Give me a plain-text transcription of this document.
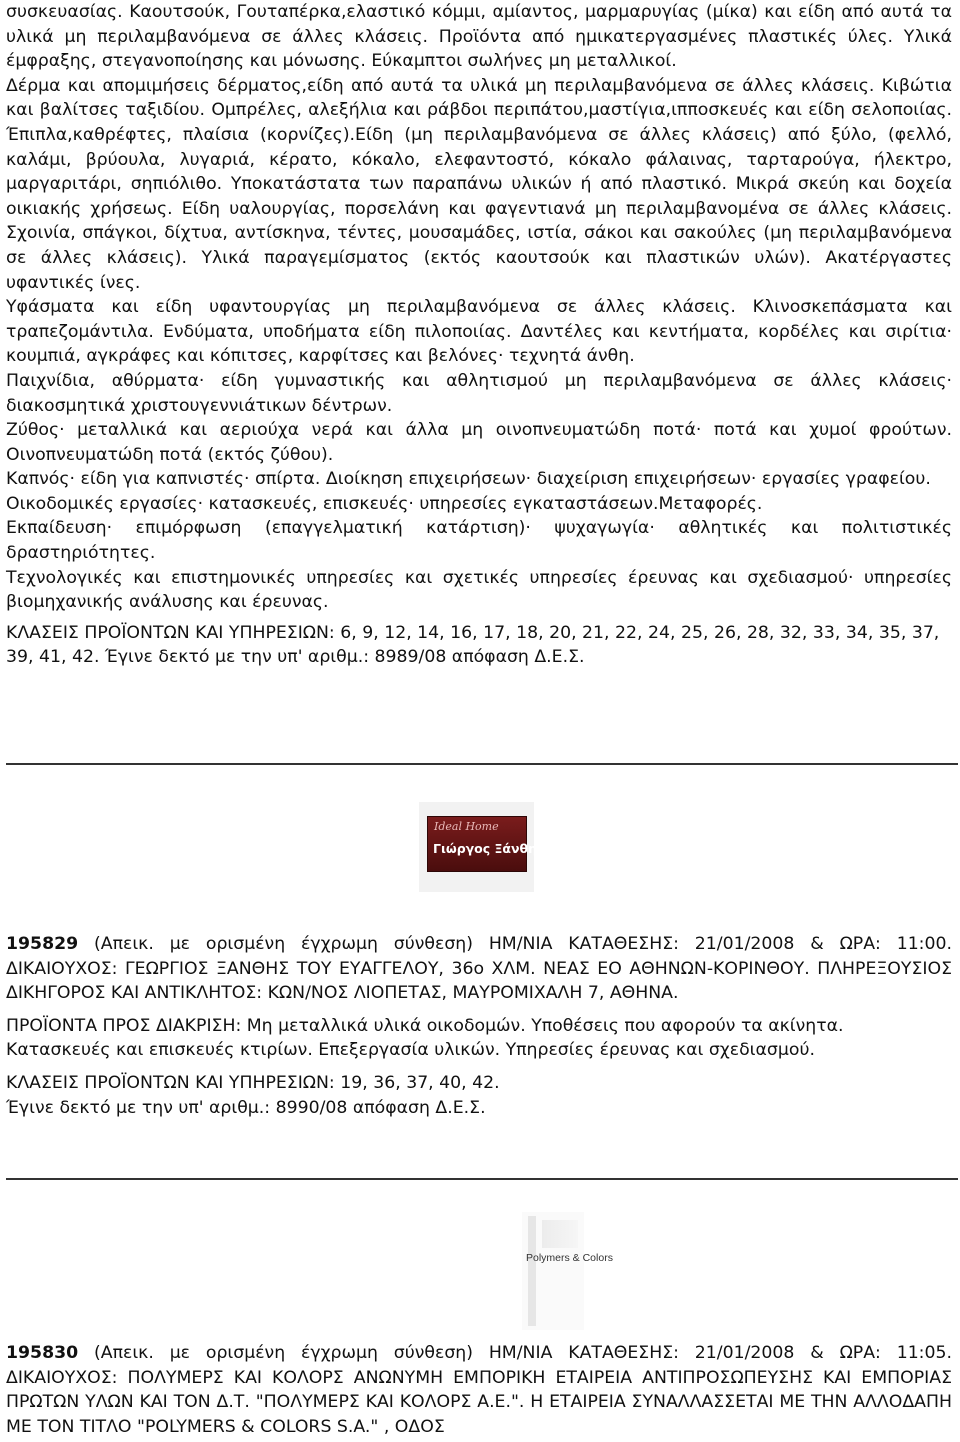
συσκευασίας. Καουτσούκ, Γουταπέρκα,ελαστικό κόμμι, αμίαντος, μαρμαρυγίας (μίκα) και είδη από αυτά τα υλικά μη περιλαμβανόμενα σε άλλες κλάσεις. Προϊόντα από ημικατεργασμένες πλαστικές ύλες. Υλικά έμφραξης, στεγανοποίησης και μόνωσης. Εύκαμπτοι σωλήνες μη μεταλλικοί.

Δέρμα και απομιμήσεις δέρματος,είδη από αυτά τα υλικά μη περιλαμβανόμενα σε άλλες κλάσεις. Κιβώτια και βαλίτσες ταξιδίου. Ομπρέλες, αλεξήλια και ράβδοι περιπάτου,μαστίγια,ιπποσκευές και είδη σελοποιίας. Έπιπλα,καθρέφτες, πλαίσια (κορνίζες).Είδη (μη περιλαμβανόμενα σε άλλες κλάσεις) από ξύλο, (φελλό, καλάμι, βρύουλα, λυγαριά, κέρατο, κόκαλο, ελεφαντοστό, κόκαλο φάλαινας, ταρταρούγα, ήλεκτρο, μαργαριτάρι, σηπιόλιθο. Υποκατάστατα των παραπάνω υλικών ή από πλαστικό. Μικρά σκεύη και δοχεία οικιακής χρήσεως. Είδη υαλουργίας, πορσελάνη και φαγεντιανά μη περιλαμβανομένα σε άλλες κλάσεις. Σχοινία, σπάγκοι, δίχτυα, αντίσκηνα, τέντες, μουσαμάδες, ιστία, σάκοι και σακούλες (μη περιλαμβανόμενα σε άλλες κλάσεις). Υλικά παραγεμίσματος (εκτός καουτσούκ και πλαστικών υλών). Ακατέργαστες υφαντικές ίνες.

Υφάσματα και είδη υφαντουργίας μη περιλαμβανόμενα σε άλλες κλάσεις. Κλινοσκεπάσματα και τραπεζομάντιλα. Ενδύματα, υποδήματα είδη πιλοποιίας. Δαντέλες και κεντήματα, κορδέλες και σιρίτια· κουμπιά, αγκράφες και κόπιτσες, καρφίτσες και βελόνες· τεχνητά άνθη.

Παιχνίδια, αθύρματα· είδη γυμναστικής και αθλητισμού μη περιλαμβανόμενα σε άλλες κλάσεις· διακοσμητικά χριστουγεννιάτικων δέντρων.

Ζύθος· μεταλλικά και αεριούχα νερά και άλλα μη οινοπνευματώδη ποτά· ποτά και χυμοί φρούτων. Οινοπνευματώδη ποτά (εκτός ζύθου).

Καπνός· είδη για καπνιστές· σπίρτα. Διοίκηση επιχειρήσεων· διαχείριση επιχειρήσεων· εργασίες γραφείου.

Οικοδομικές εργασίες· κατασκευές, επισκευές· υπηρεσίες εγκαταστάσεων.Μεταφορές.

Εκπαίδευση· επιμόρφωση (επαγγελματική κατάρτιση)· ψυχαγωγία· αθλητικές και πολιτιστικές δραστηριότητες.

Τεχνολογικές και επιστημονικές υπηρεσίες και σχετικές υπηρεσίες έρευνας και σχεδιασμού· υπηρεσίες βιομηχανικής ανάλυσης και έρευνας.

ΚΛΑΣΕΙΣ ΠΡΟΪΟΝΤΩΝ ΚΑΙ ΥΠΗΡΕΣΙΩΝ: 6, 9, 12, 14, 16, 17, 18, 20, 21, 22, 24, 25, 26, 28, 32, 33, 34, 35, 37, 39, 41, 42. Έγινε δεκτό με την υπ' αριθμ.: 8989/08 απόφαση Δ.Ε.Σ.

Ideal Home
Γιώργος Ξάνθης

195829 (Απεικ. με ορισμένη έγχρωμη σύνθεση) ΗΜ/ΝΙΑ ΚΑΤΑΘΕΣΗΣ: 21/01/2008 & ΩΡΑ: 11:00. ΔΙΚΑΙΟΥΧΟΣ: ΓΕΩΡΓΙΟΣ ΞΑΝΘΗΣ ΤΟΥ ΕΥΑΓΓΕΛΟΥ, 36ο ΧΛΜ. ΝΕΑΣ ΕΟ ΑΘΗΝΩΝ-ΚΟΡΙΝΘΟΥ. ΠΛΗΡΕΞΟΥΣΙΟΣ ΔΙΚΗΓΟΡΟΣ ΚΑΙ ΑΝΤΙΚΛΗΤΟΣ: ΚΩΝ/ΝΟΣ ΛΙΟΠΕΤΑΣ, ΜΑΥΡΟΜΙΧΑΛΗ 7, ΑΘΗΝΑ.

ΠΡΟΪΟΝΤΑ ΠΡΟΣ ΔΙΑΚΡΙΣΗ: Μη μεταλλικά υλικά οικοδομών. Υποθέσεις που αφορούν τα ακίνητα. Κατασκευές και επισκευές κτιρίων. Επεξεργασία υλικών. Υπηρεσίες έρευνας και σχεδιασμού.

ΚΛΑΣΕΙΣ ΠΡΟΪΟΝΤΩΝ ΚΑΙ ΥΠΗΡΕΣΙΩΝ: 19, 36, 37, 40, 42.

Έγινε δεκτό με την υπ' αριθμ.: 8990/08 απόφαση Δ.Ε.Σ.

Polymers & Colors

195830 (Απεικ. με ορισμένη έγχρωμη σύνθεση) ΗΜ/ΝΙΑ ΚΑΤΑΘΕΣΗΣ: 21/01/2008 & ΩΡΑ: 11:05. ΔΙΚΑΙΟΥΧΟΣ: ΠΟΛΥΜΕΡΣ ΚΑΙ ΚΟΛΟΡΣ ΑΝΩΝΥΜΗ ΕΜΠΟΡΙΚΗ ΕΤΑΙΡΕΙΑ ΑΝΤΙΠΡΟΣΩΠΕΥΣΗΣ ΚΑΙ ΕΜΠΟΡΙΑΣ ΠΡΩΤΩΝ ΥΛΩΝ ΚΑΙ ΤΟΝ Δ.Τ. "ΠΟΛΥΜΕΡΣ ΚΑΙ ΚΟΛΟΡΣ Α.Ε.". Η ΕΤΑΙΡΕΙΑ ΣΥΝΑΛΛΑΣΣΕΤΑΙ ΜΕ ΤΗΝ ΑΛΛΟΔΑΠΗ ΜΕ ΤΟΝ ΤΙΤΛΟ "POLYMERS & COLORS S.A." , ΟΔΟΣ
